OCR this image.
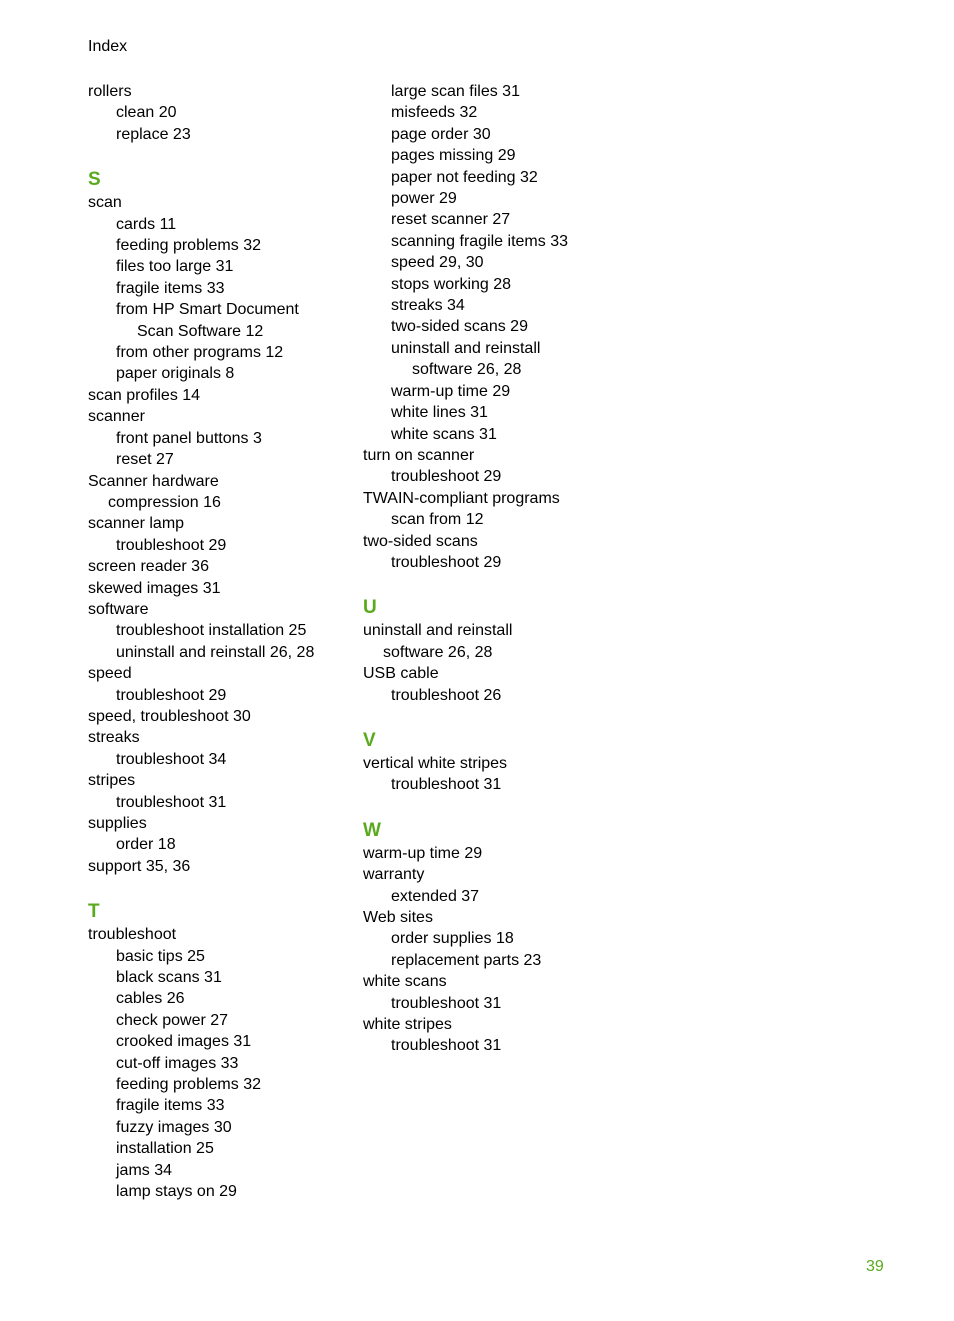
Index
rollers
clean 20
replace 23
S
scan
cards 11
feeding problems 32
files too large 31
fragile items 33
from HP Smart Document
Scan Software 12
from other programs 12
paper originals 8
scan profiles 14
scanner
front panel buttons 3
reset 27
Scanner hardware
compression 16
scanner lamp
troubleshoot 29
screen reader 36
skewed images 31
software
troubleshoot installation 25
uninstall and reinstall 26, 28
speed
troubleshoot 29
speed, troubleshoot 30
streaks
troubleshoot 34
stripes
troubleshoot 31
supplies
order 18
support 35, 36
T
troubleshoot
basic tips 25
black scans 31
cables 26
check power 27
crooked images 31
cut-off images 33
feeding problems 32
fragile items 33
fuzzy images 30
installation 25
jams 34
lamp stays on 29
large scan files 31
misfeeds 32
page order 30
pages missing 29
paper not feeding 32
power 29
reset scanner 27
scanning fragile items 33
speed 29, 30
stops working 28
streaks 34
two-sided scans 29
uninstall and reinstall
software 26, 28
warm-up time 29
white lines 31
white scans 31
turn on scanner
troubleshoot 29
TWAIN-compliant programs
scan from 12
two-sided scans
troubleshoot 29
U
uninstall and reinstall
software 26, 28
USB cable
troubleshoot 26
V
vertical white stripes
troubleshoot 31
W
warm-up time 29
warranty
extended 37
Web sites
order supplies 18
replacement parts 23
white scans
troubleshoot 31
white stripes
troubleshoot 31
39
